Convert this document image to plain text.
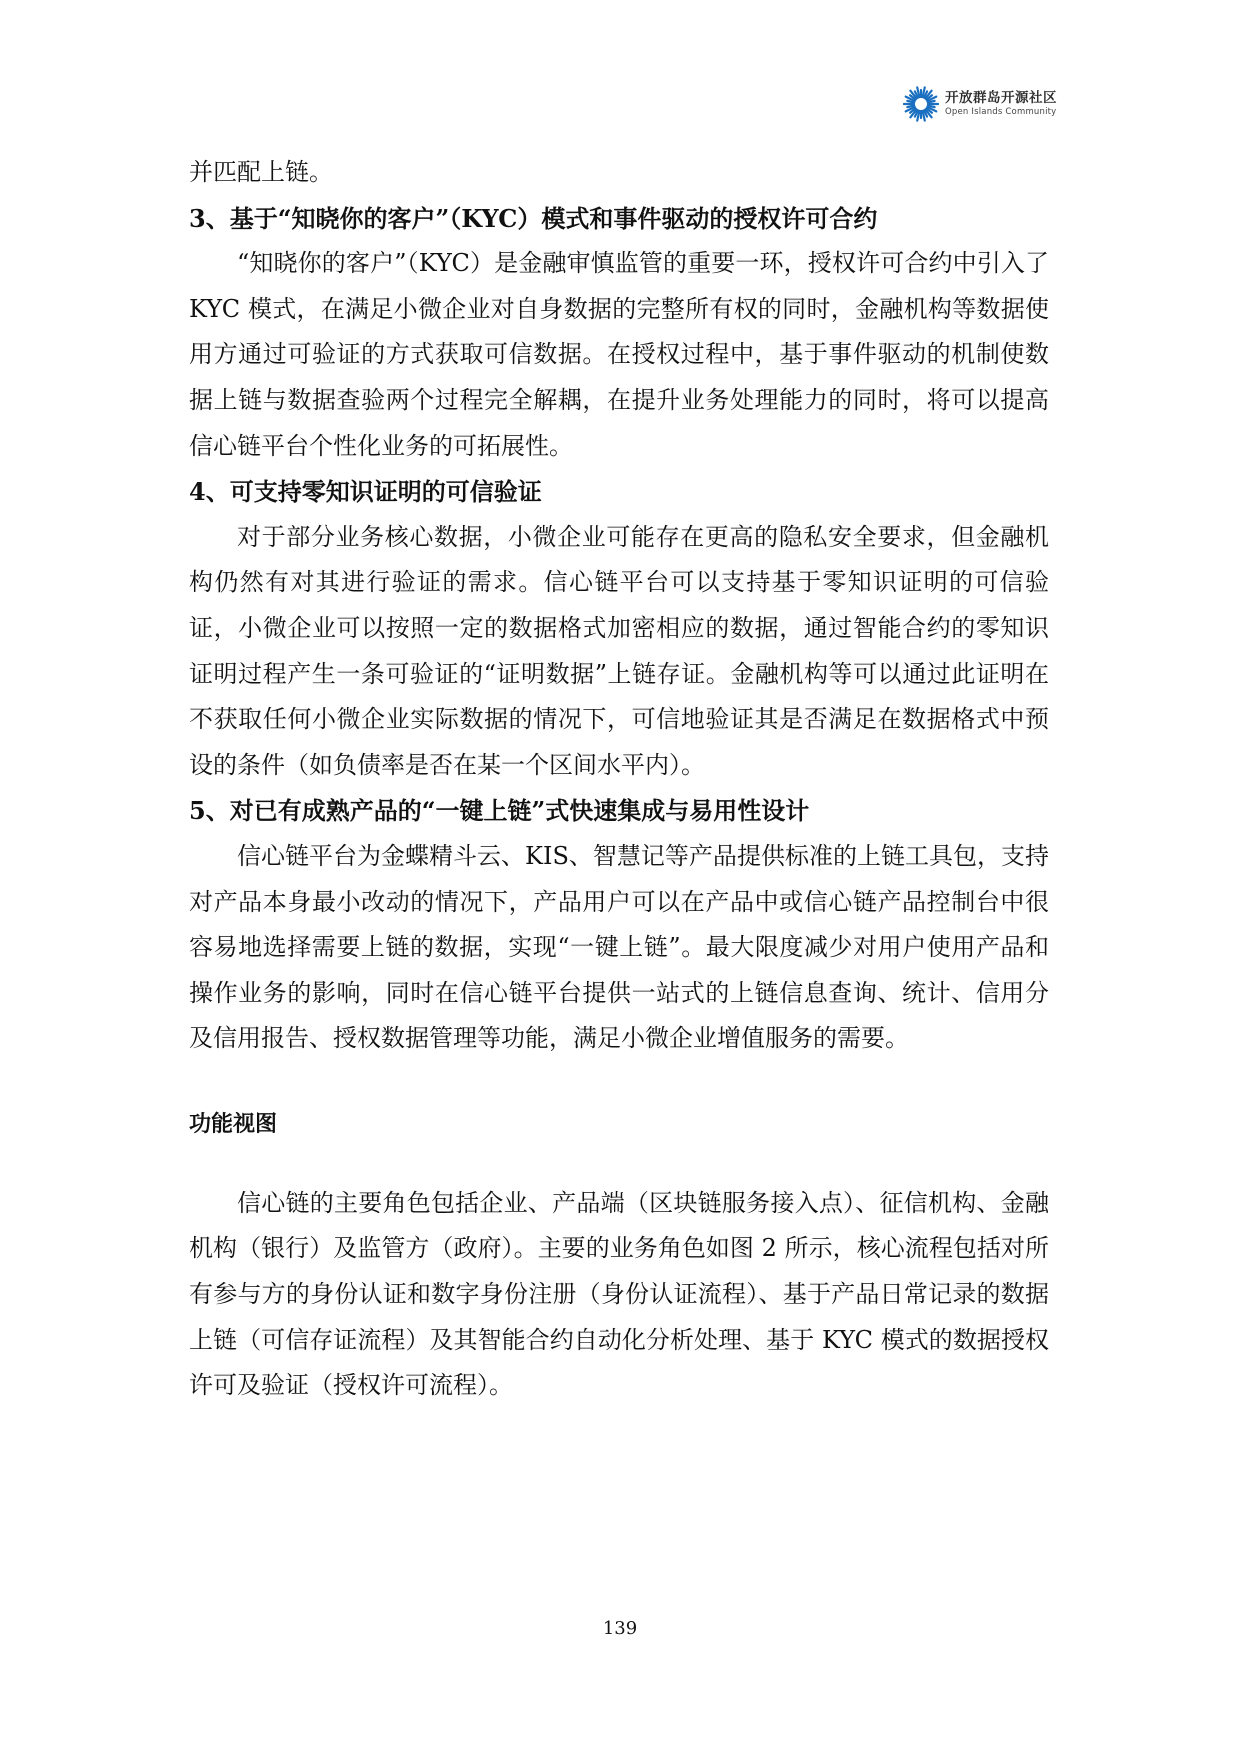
开放群岛开源社区
Open Islands Community

并匹配上链。

3、基于“知晓你的客户”（KYC）模式和事件驱动的授权许可合约

“知晓你的客户”（KYC）是金融审慎监管的重要一环，授权许可合约中引入了 KYC 模式，在满足小微企业对自身数据的完整所有权的同时，金融机构等数据使用方通过可验证的方式获取可信数据。在授权过程中，基于事件驱动的机制使数据上链与数据查验两个过程完全解耦，在提升业务处理能力的同时，将可以提高信心链平台个性化业务的可拓展性。

4、可支持零知识证明的可信验证

对于部分业务核心数据，小微企业可能存在更高的隐私安全要求，但金融机构仍然有对其进行验证的需求。信心链平台可以支持基于零知识证明的可信验证，小微企业可以按照一定的数据格式加密相应的数据，通过智能合约的零知识证明过程产生一条可验证的“证明数据”上链存证。金融机构等可以通过此证明在不获取任何小微企业实际数据的情况下，可信地验证其是否满足在数据格式中预设的条件（如负债率是否在某一个区间水平内）。

5、对已有成熟产品的“一键上链”式快速集成与易用性设计

信心链平台为金蝶精斗云、KIS、智慧记等产品提供标准的上链工具包，支持对产品本身最小改动的情况下，产品用户可以在产品中或信心链产品控制台中很容易地选择需要上链的数据，实现“一键上链”。最大限度减少对用户使用产品和操作业务的影响，同时在信心链平台提供一站式的上链信息查询、统计、信用分及信用报告、授权数据管理等功能，满足小微企业增值服务的需要。

功能视图

信心链的主要角色包括企业、产品端（区块链服务接入点）、征信机构、金融机构（银行）及监管方（政府）。主要的业务角色如图 2 所示，核心流程包括对所有参与方的身份认证和数字身份注册（身份认证流程）、基于产品日常记录的数据上链（可信存证流程）及其智能合约自动化分析处理、基于 KYC 模式的数据授权许可及验证（授权许可流程）。

139
